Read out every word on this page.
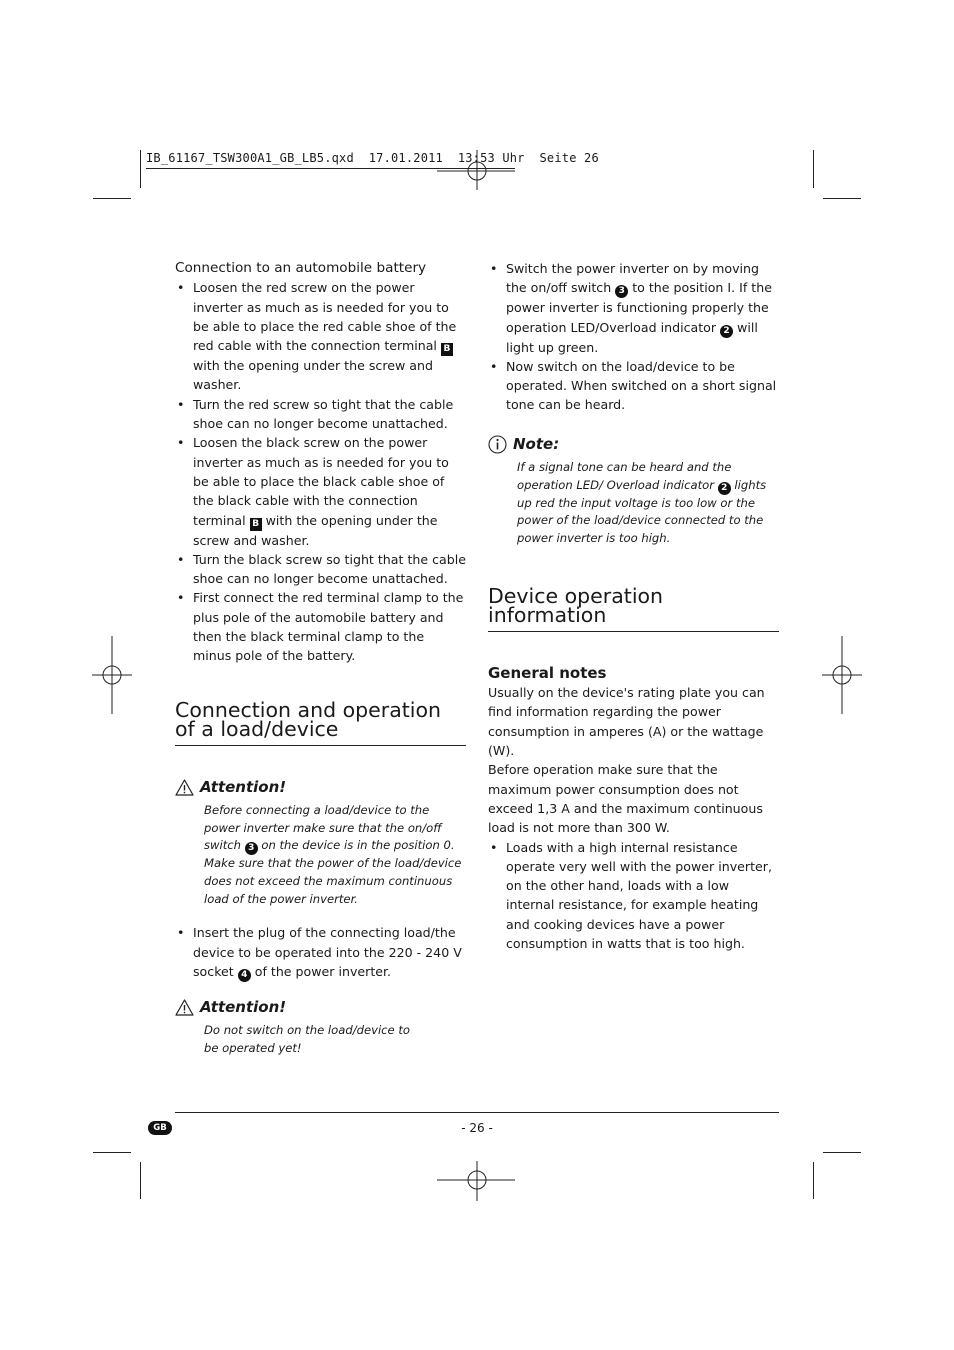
IB_61167_TSW300A1_GB_LB5.qxd  17.01.2011  13:53 Uhr  Seite 26
Connection to an automobile battery
• Loosen the red screw on the power inverter as much as is needed for you to be able to place the red cable shoe of the red cable with the connection terminal B with the opening under the screw and washer.
• Turn the red screw so tight that the cable shoe can no longer become unattached.
• Loosen the black screw on the power inverter as much as is needed for you to be able to place the black cable shoe of the black cable with the connection terminal B with the opening under the screw and washer.
• Turn the black screw so tight that the cable shoe can no longer become unattached.
• First connect the red terminal clamp to the plus pole of the automobile battery and then the black terminal clamp to the minus pole of the battery.
Connection and operation of a load/device
Attention!

Before connecting a load/device to the power inverter make sure that the on/off switch 3 on the device is in the position 0.
Make sure that the power of the load/device does not exceed the maximum continuous load of the power inverter.

• Insert the plug of the connecting load/the device to be operated into the 220 - 240 V socket 4 of the power inverter.
Attention!

Do not switch on the load/device to be operated yet!

• Switch the power inverter on by moving the on/off switch 3 to the position I. If the power inverter is functioning properly the operation LED/Overload indicator 2 will light up green.
• Now switch on the load/device to be operated. When switched on a short signal tone can be heard.
Note:

If a signal tone can be heard and the operation LED/ Overload indicator 2 lights up red the input voltage is too low or the power of the load/device connected to the power inverter is too high.

Device operation information
General notes

Usually on the device's rating plate you can find information regarding the power consumption in amperes (A) or the wattage (W).

Before operation make sure that the maximum power consumption does not exceed 1,3 A and the maximum continuous load is not more than 300 W.

• Loads with a high internal resistance operate very well with the power inverter, on the other hand, loads with a low internal resistance, for example heating and cooking devices have a power consumption in watts that is too high.
GB	- 26 -
